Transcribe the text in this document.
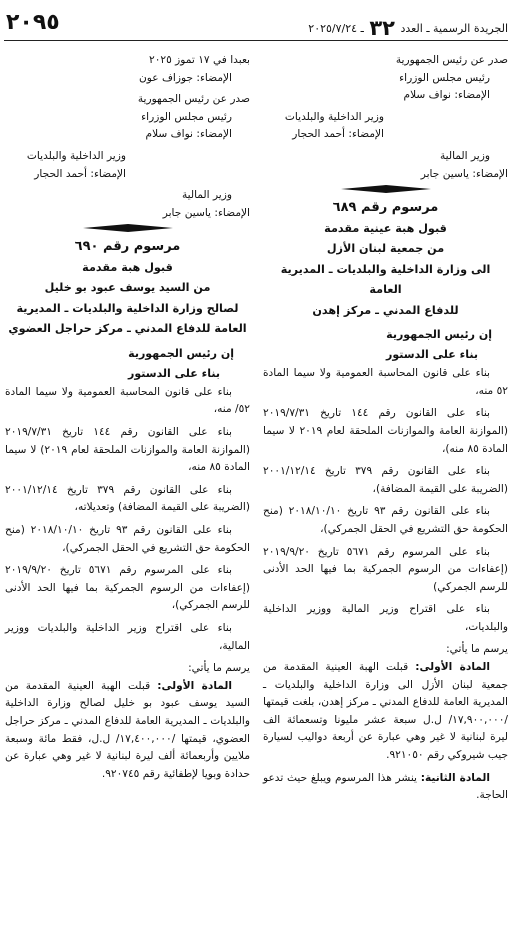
الجريدة الرسمية ـ العدد ٣٢ ـ ٢٠٢٥/٧/٢٤
٢٠٩٥

صدر عن رئيس الجمهورية

رئيس مجلس الوزراء

الإمضاء: نواف سلام

وزير الداخلية والبلديات

الإمضاء: أحمد الحجار

وزير المالية

الإمضاء: ياسين جابر

مرسوم رقم ٦٨٩
قبول هبة عينية مقدمة
من جمعية لبنان الأزل
الى وزارة الداخلية والبلديات ـ المديرية العامة
للدفاع المدني ـ مركز إهدن
إن رئيس الجمهورية
بناء على الدستور

بناء على قانون المحاسبة العمومية ولا سيما المادة ٥٢ منه،

بناء على القانون رقم ١٤٤ تاريخ ٢٠١٩/٧/٣١ (الموازنة العامة والموازنات الملحقة لعام ٢٠١٩ لا سيما المادة ٨٥ منه)،

بناء على القانون رقم ٣٧٩ تاريخ ٢٠٠١/١٢/١٤ (الضريبة على القيمة المضافة)،

بناء على القانون رقم ٩٣ تاريخ ٢٠١٨/١٠/١٠ (منح الحكومة حق التشريع في الحقل الجمركي)،

بناء على المرسوم رقم ٥٦٧١ تاريخ ٢٠١٩/٩/٢٠ (إعفاءات من الرسوم الجمركية بما فيها الحد الأدنى للرسم الجمركي)

بناء على اقتراح وزير المالية ووزير الداخلية والبلديات،

يرسم ما يأتي:

المادة الأولى: قبلت الهبة العينية المقدمة من جمعية لبنان الأزل الى وزارة الداخلية والبلديات ـ المديرية العامة للدفاع المدني ـ مركز إهدن، بلغت قيمتها /١٧,٩٠٠,٠٠٠/ ل.ل سبعة عشر مليونا وتسعمائة الف ليرة لبنانية لا غير وهي عبارة عن أربعة دواليب لسيارة جيب شيروكي رقم ٩٢١٠٥٠.

المادة الثانية: ينشر هذا المرسوم ويبلغ حيث تدعو الحاجة.

بعبدا في ١٧ تموز ٢٠٢٥

الإمضاء: جوزاف عون

صدر عن رئيس الجمهورية

رئيس مجلس الوزراء

الإمضاء: نواف سلام

وزير الداخلية والبلديات

الإمضاء: أحمد الحجار

وزير المالية

الإمضاء: ياسين جابر

مرسوم رقم ٦٩٠
قبول هبة مقدمة
من السيد يوسف عبود بو خليل
لصالح وزارة الداخلية والبلديات ـ المديرية
العامة للدفاع المدني ـ مركز حراجل العضوي
إن رئيس الجمهورية
بناء على الدستور

بناء على قانون المحاسبة العمومية ولا سيما المادة ٥٢/ منه،

بناء على القانون رقم ١٤٤ تاريخ ٢٠١٩/٧/٣١ (الموازنة العامة والموازنات الملحقة لعام ٢٠١٩) لا سيما المادة ٨٥ منه،

بناء على القانون رقم ٣٧٩ تاريخ ٢٠٠١/١٢/١٤ (الضريبة على القيمة المضافة) وتعديلاته،

بناء على القانون رقم ٩٣ تاريخ ٢٠١٨/١٠/١٠ (منح الحكومة حق التشريع في الحقل الجمركي)،

بناء على المرسوم رقم ٥٦٧١ تاريخ ٢٠١٩/٩/٢٠ (إعفاءات من الرسوم الجمركية بما فيها الحد الأدنى للرسم الجمركي)،

بناء على اقتراح وزير الداخلية والبلديات ووزير المالية،

يرسم ما يأتي:

المادة الأولى: قبلت الهبة العينية المقدمة من السيد يوسف عبود بو خليل لصالح وزارة الداخلية والبلديات ـ المديرية العامة للدفاع المدني ـ مركز حراجل العضوي، قيمتها /١٧,٤٠٠,٠٠٠/ ل.ل، فقط مائة وسبعة ملايين وأربعمائة ألف ليرة لبنانية لا غير وهي عبارة عن حدادة وبويا لإطفائية رقم ٩٢٠٧٤٥.
